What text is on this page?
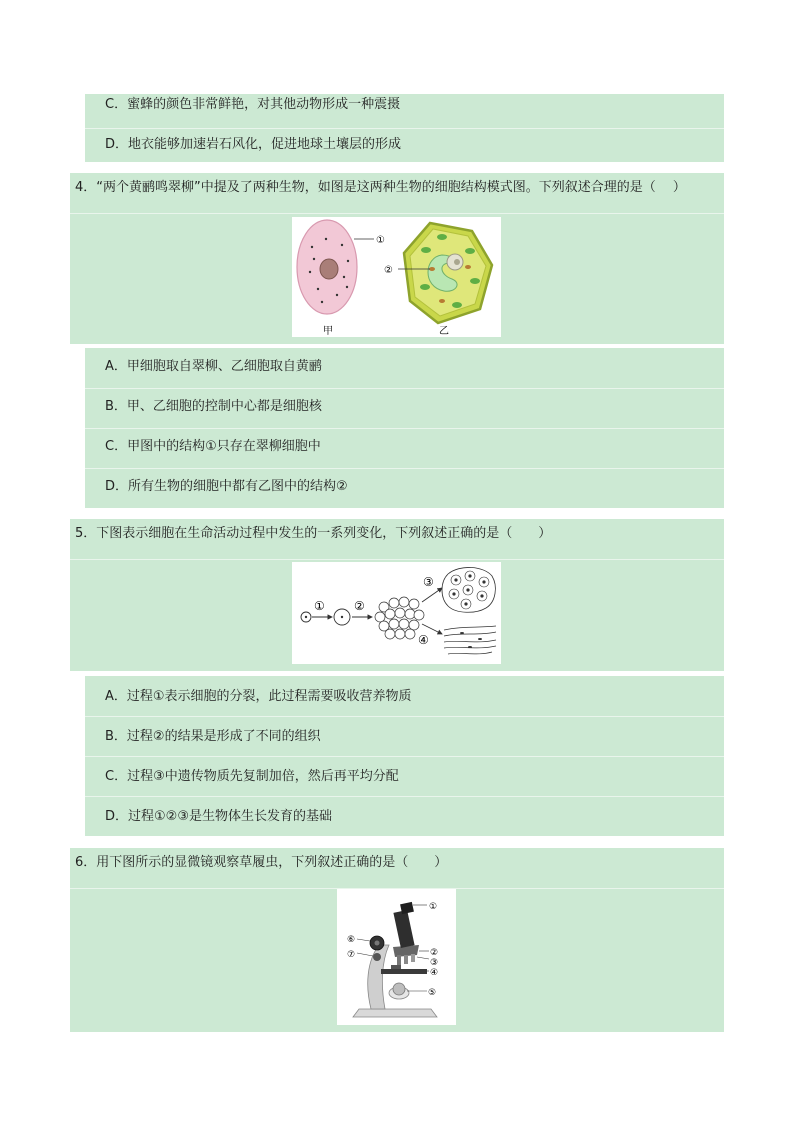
C．蜜蜂的颜色非常鲜艳，对其他动物形成一种震摄
D．地衣能够加速岩石风化，促进地球土壤层的形成
4．“两个黄鹂鸣翠柳”中提及了两种生物，如图是这两种生物的细胞结构模式图。下列叙述合理的是（　 ）
①
②
甲	乙
A．甲细胞取自翠柳、乙细胞取自黄鹂
B．甲、乙细胞的控制中心都是细胞核
C．甲图中的结构①只存在翠柳细胞中
D．所有生物的细胞中都有乙图中的结构②
5．下图表示细胞在生命活动过程中发生的一系列变化，下列叙述正确的是（　　）
① ②
③
④
A．过程①表示细胞的分裂，此过程需要吸收营养物质
B．过程②的结果是形成了不同的组织
C．过程③中遗传物质先复制加倍，然后再平均分配
D．过程①②③是生物体生长发育的基础
6．用下图所示的显微镜观察草履虫，下列叙述正确的是（　　）
①
②
③
④
⑤
⑥
⑦
